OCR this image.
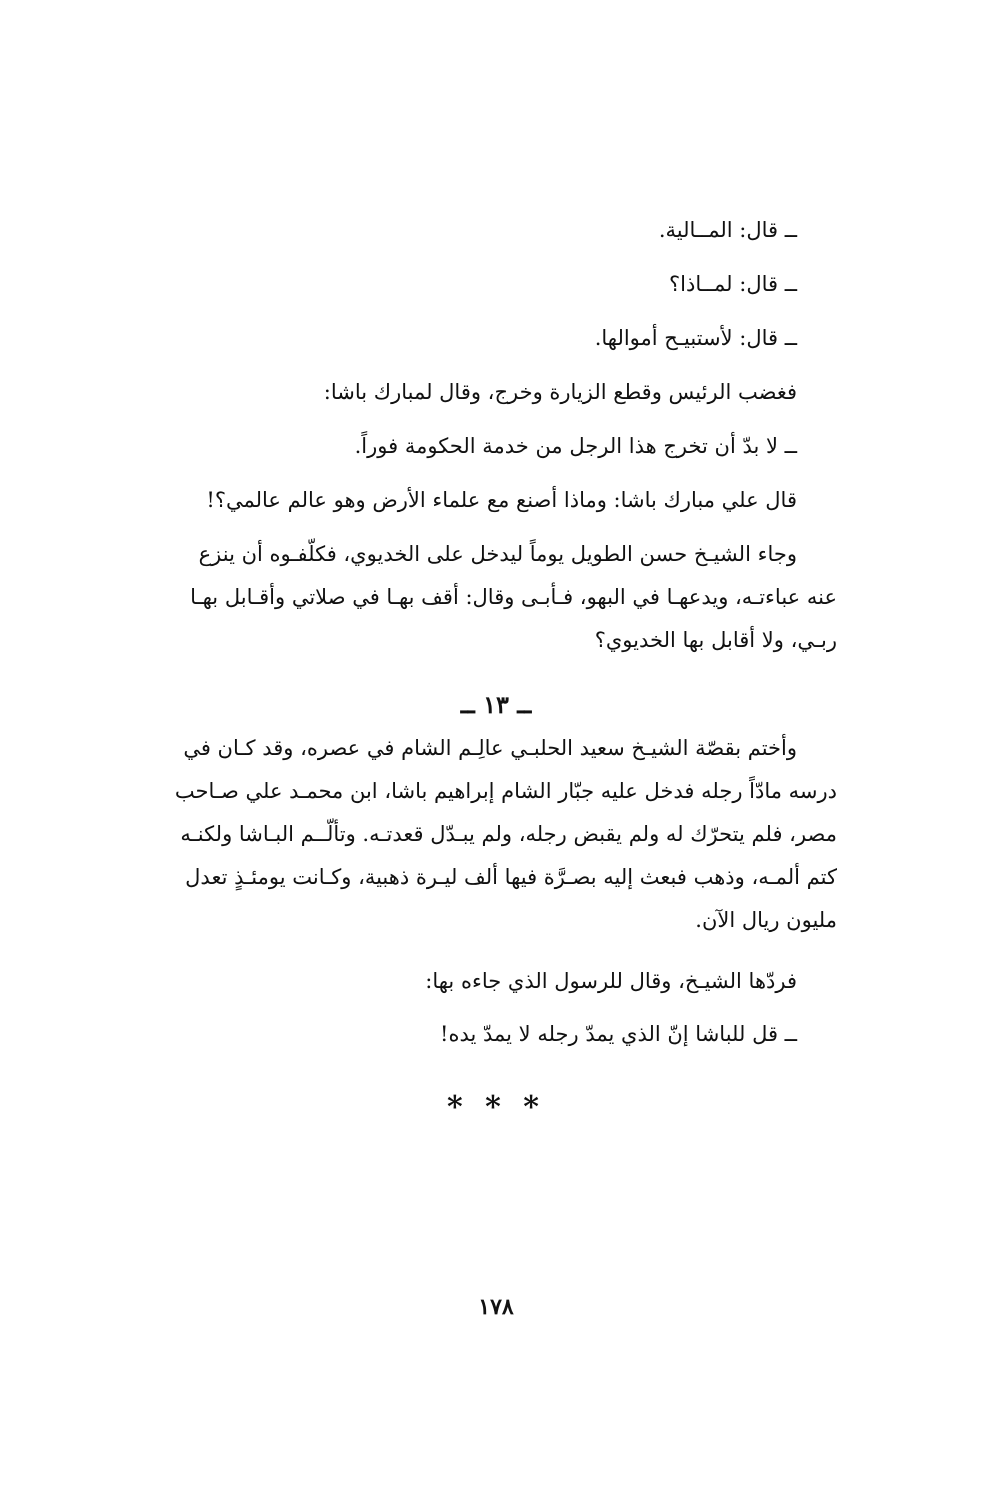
ــ قال: المــالية.
ــ قال: لمــاذا؟
ــ قال: لأستبيـح أموالها.
فغضب الرئيس وقطع الزيارة وخرج، وقال لمبارك باشا:
ــ لا بدّ أن تخرج هذا الرجل من خدمة الحكومة فوراً.
قال علي مبارك باشا: وماذا أصنع مع علماء الأرض وهو عالم عالمي؟!
وجاء الشيـخ حسن الطويل يوماً ليدخل على الخديوي، فكلّفـوه أن ينزع
عنه عباءتـه، ويدعهـا في البهو، فـأبـى وقال: أقف بهـا في صلاتي وأقـابل بهـا
ربـي، ولا أقابل بها الخديوي؟
ــ ١٣ ــ
وأختم بقصّة الشيـخ سعيد الحلبـي عالِـم الشام في عصره، وقد كـان في
درسه مادّاً رجله فدخل عليه جبّار الشام إبراهيم باشا، ابن محمـد علي صـاحب
مصر، فلم يتحرّك له ولم يقبض رجله، ولم يبـدّل قعدتـه. وتألّــم البـاشا ولكنـه
كتم ألمـه، وذهب فبعث إليه بصـرَّة فيها ألف ليـرة ذهبية، وكـانت يومئـذٍ تعدل
مليون ريال الآن.
فردّها الشيـخ، وقال للرسول الذي جاءه بها:
ــ قل للباشا إنّ الذي يمدّ رجله لا يمدّ يده!
* * *
١٧٨
